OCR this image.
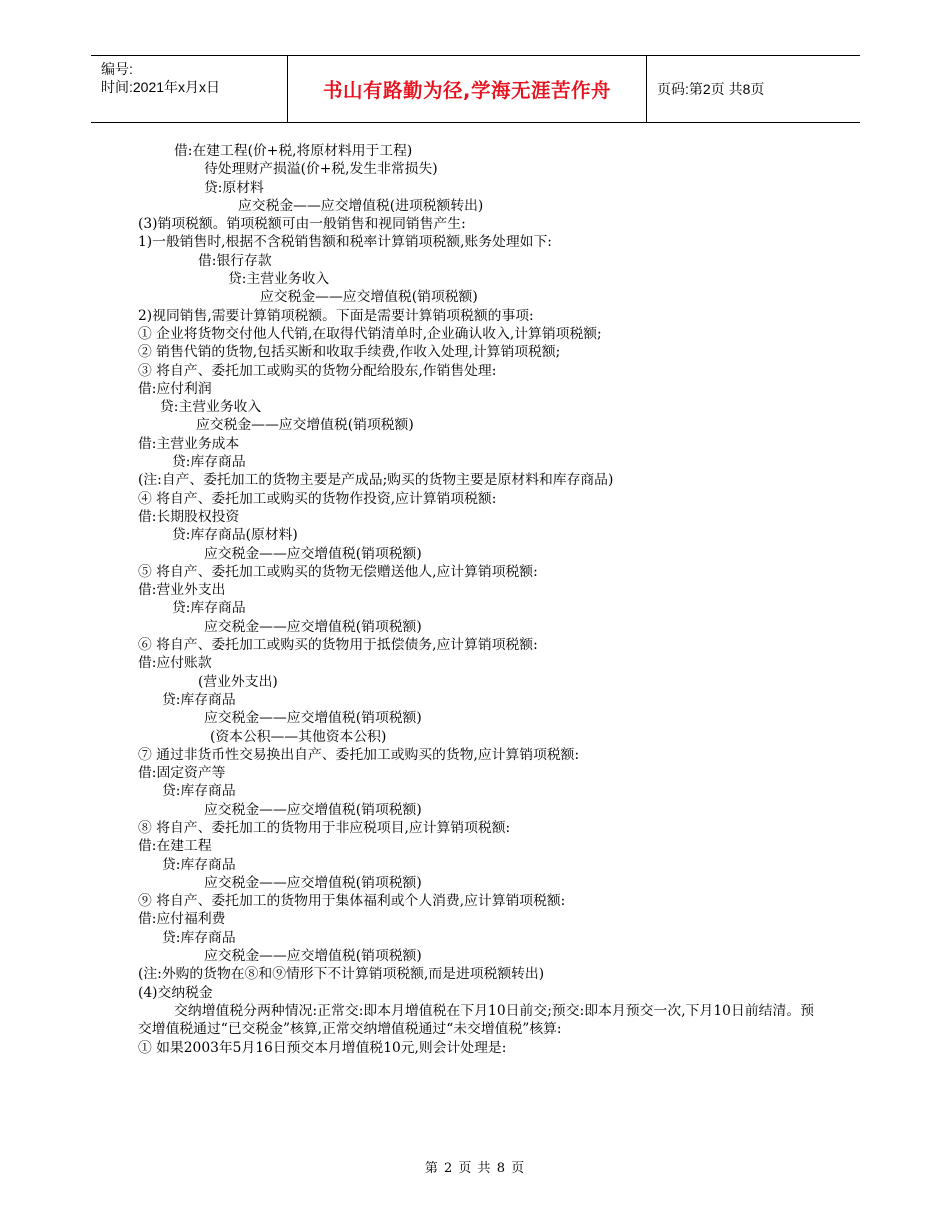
编号:
时间:2021年x月x日	书山有路勤为径,学海无涯苦作舟	页码:第2页 共8页
借:在建工程(价+税,将原材料用于工程)
待处理财产损溢(价+税,发生非常损失)
贷:原材料
应交税金——应交增值税(进项税额转出)
(3)销项税额。销项税额可由一般销售和视同销售产生:
1)一般销售时,根据不含税销售额和税率计算销项税额,账务处理如下:
借:银行存款
贷:主营业务收入
应交税金——应交增值税(销项税额)
2)视同销售,需要计算销项税额。下面是需要计算销项税额的事项:
① 企业将货物交付他人代销,在取得代销清单时,企业确认收入,计算销项税额;
② 销售代销的货物,包括买断和收取手续费,作收入处理,计算销项税额;
③ 将自产、委托加工或购买的货物分配给股东,作销售处理:
借:应付利润
贷:主营业务收入
应交税金——应交增值税(销项税额)
借:主营业务成本
贷:库存商品
(注:自产、委托加工的货物主要是产成品;购买的货物主要是原材料和库存商品)
④ 将自产、委托加工或购买的货物作投资,应计算销项税额:
借:长期股权投资
贷:库存商品(原材料)
应交税金——应交增值税(销项税额)
⑤ 将自产、委托加工或购买的货物无偿赠送他人,应计算销项税额:
借:营业外支出
贷:库存商品
应交税金——应交增值税(销项税额)
⑥ 将自产、委托加工或购买的货物用于抵偿债务,应计算销项税额:
借:应付账款
(营业外支出)
贷:库存商品
应交税金——应交增值税(销项税额)
(资本公积——其他资本公积)
⑦ 通过非货币性交易换出自产、委托加工或购买的货物,应计算销项税额:
借:固定资产等
贷:库存商品
应交税金——应交增值税(销项税额)
⑧ 将自产、委托加工的货物用于非应税项目,应计算销项税额:
借:在建工程
贷:库存商品
应交税金——应交增值税(销项税额)
⑨ 将自产、委托加工的货物用于集体福利或个人消费,应计算销项税额:
借:应付福利费
贷:库存商品
应交税金——应交增值税(销项税额)
(注:外购的货物在⑧和⑨情形下不计算销项税额,而是进项税额转出)
(4)交纳税金
交纳增值税分两种情况:正常交:即本月增值税在下月10日前交;预交:即本月预交一次,下月10日前结清。预交增值税通过“已交税金”核算,正常交纳增值税通过“未交增值税”核算:
① 如果2003年5月16日预交本月增值税10元,则会计处理是:
第 2 页 共 8 页
